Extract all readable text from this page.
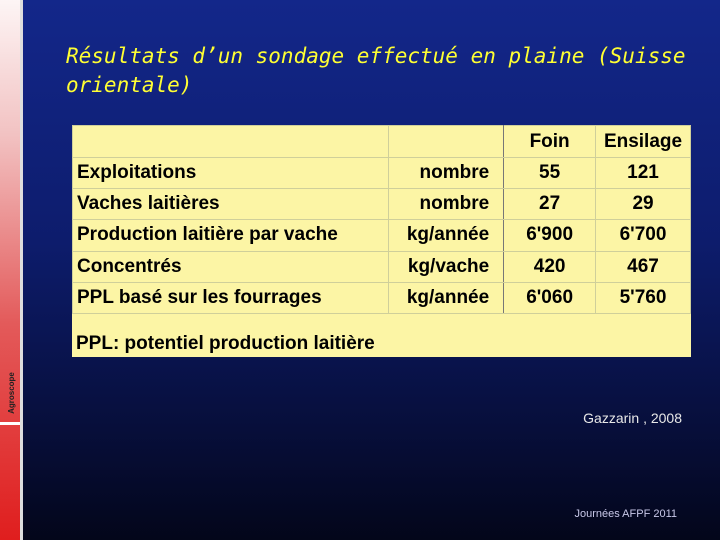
Agroscope
Résultats d’un sondage effectué en plaine (Suisse orientale)
		Foin	Ensilage
Exploitations	nombre	55	121
Vaches laitières	nombre	27	29
Production laitière par vache	kg/année	6'900	6'700
Concentrés	kg/vache	420	467
PPL basé sur les fourrages	kg/année	6'060	5'760
PPL: potentiel production laitière
Gazzarin , 2008
Journées AFPF 2011
